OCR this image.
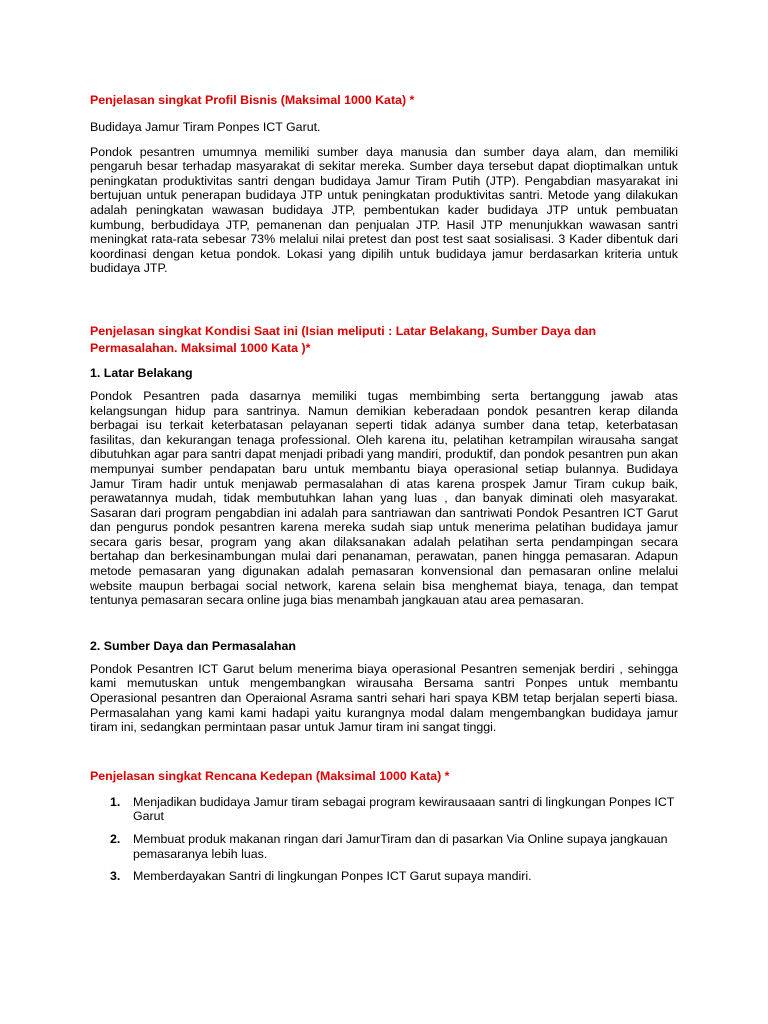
Penjelasan singkat Profil Bisnis (Maksimal 1000 Kata) *

Budidaya Jamur Tiram Ponpes ICT Garut.

Pondok pesantren umumnya memiliki sumber daya manusia dan sumber daya alam, dan memiliki pengaruh besar terhadap masyarakat di sekitar mereka. Sumber daya tersebut dapat dioptimalkan untuk peningkatan produktivitas santri dengan budidaya Jamur Tiram Putih (JTP). Pengabdian masyarakat ini bertujuan untuk penerapan budidaya JTP untuk peningkatan produktivitas santri. Metode yang dilakukan adalah peningkatan wawasan budidaya JTP, pembentukan kader budidaya JTP untuk pembuatan kumbung, berbudidaya JTP, pemanenan dan penjualan JTP. Hasil JTP menunjukkan wawasan santri meningkat rata-rata sebesar 73% melalui nilai pretest dan post test saat sosialisasi. 3 Kader dibentuk dari koordinasi dengan ketua pondok. Lokasi yang dipilih untuk budidaya jamur berdasarkan kriteria untuk budidaya JTP.

Penjelasan singkat Kondisi Saat ini (Isian meliputi : Latar Belakang, Sumber Daya dan Permasalahan. Maksimal 1000 Kata )*
1. Latar Belakang

Pondok Pesantren pada dasarnya memiliki tugas membimbing serta bertanggung jawab atas kelangsungan hidup para santrinya. Namun demikian keberadaan pondok pesantren kerap dilanda berbagai isu terkait keterbatasan pelayanan seperti tidak adanya sumber dana tetap, keterbatasan fasilitas, dan kekurangan tenaga professional. Oleh karena itu, pelatihan ketrampilan wirausaha sangat dibutuhkan agar para santri dapat menjadi pribadi yang mandiri, produktif, dan pondok pesantren pun akan mempunyai sumber pendapatan baru untuk membantu biaya operasional setiap bulannya. Budidaya Jamur Tiram hadir untuk menjawab permasalahan di atas karena prospek Jamur Tiram cukup baik, perawatannya mudah, tidak membutuhkan lahan yang luas , dan banyak diminati oleh masyarakat. Sasaran dari program pengabdian ini adalah para santriawan dan santriwati Pondok Pesantren ICT Garut dan pengurus pondok pesantren karena mereka sudah siap untuk menerima pelatihan budidaya jamur secara garis besar, program yang akan dilaksanakan adalah pelatihan serta pendampingan secara bertahap dan berkesinambungan mulai dari penanaman, perawatan, panen hingga pemasaran. Adapun metode pemasaran yang digunakan adalah pemasaran konvensional dan pemasaran online melalui website maupun berbagai social network, karena selain bisa menghemat biaya, tenaga, dan tempat tentunya pemasaran secara online juga bias menambah jangkauan atau area pemasaran.

2. Sumber Daya dan Permasalahan

Pondok Pesantren ICT Garut belum menerima biaya operasional Pesantren semenjak berdiri , sehingga kami memutuskan untuk mengembangkan wirausaha Bersama santri Ponpes untuk membantu Operasional pesantren dan Operaional Asrama santri sehari hari spaya KBM tetap berjalan seperti biasa. Permasalahan yang kami kami hadapi yaitu kurangnya modal dalam mengembangkan budidaya jamur tiram ini, sedangkan permintaan pasar untuk Jamur tiram ini sangat tinggi.

Penjelasan singkat Rencana Kedepan (Maksimal 1000 Kata) *
1.	Menjadikan budidaya Jamur tiram sebagai program kewirausaaan santri di lingkungan Ponpes ICT Garut
2.	Membuat produk makanan ringan dari JamurTiram dan di pasarkan Via Online supaya jangkauan pemasaranya lebih luas.
3.	Memberdayakan Santri di lingkungan Ponpes ICT Garut supaya mandiri.
